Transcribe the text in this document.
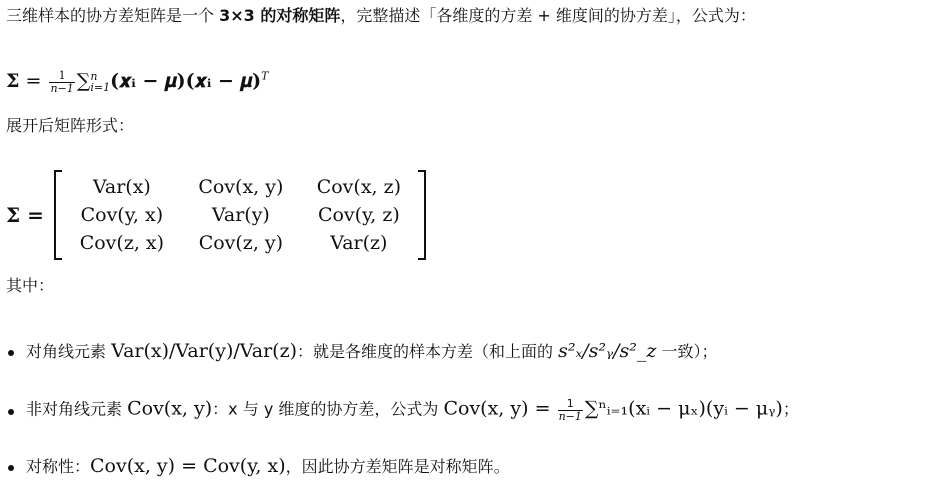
三维样本的协方差矩阵是一个 3×3 的对称矩阵，完整描述「各维度的方差 + 维度间的协方差」，公式为：
$\Sigma = \frac{1}{n-1}$ ∑ n
i=1 (𝒙ᵢ − 𝝁)(𝒙ᵢ − 𝝁)$^T$
展开后矩阵形式：
Σ =
Var(x)	Cov(x, y)	Cov(x, z)
Cov(y, x)	Var(y)	Cov(y, z)
Cov(z, x)	Cov(z, y)	Var(z)
其中：
对角线元素 Var(x)/Var(y)/Var(z)：就是各维度的样本方差（和上面的 s²ₓ/s²ᵧ/s²_z 一致）；
非对角线元素 Cov(x, y)：x 与 y 维度的协方差，公式为 Cov(x, $y) = \frac{1}{n-1}$ ∑ⁿᵢ₌₁(xᵢ − μₓ)(yᵢ − μᵧ)；
对称性：Cov(x, y) = Cov(y, x)，因此协方差矩阵是对称矩阵。
